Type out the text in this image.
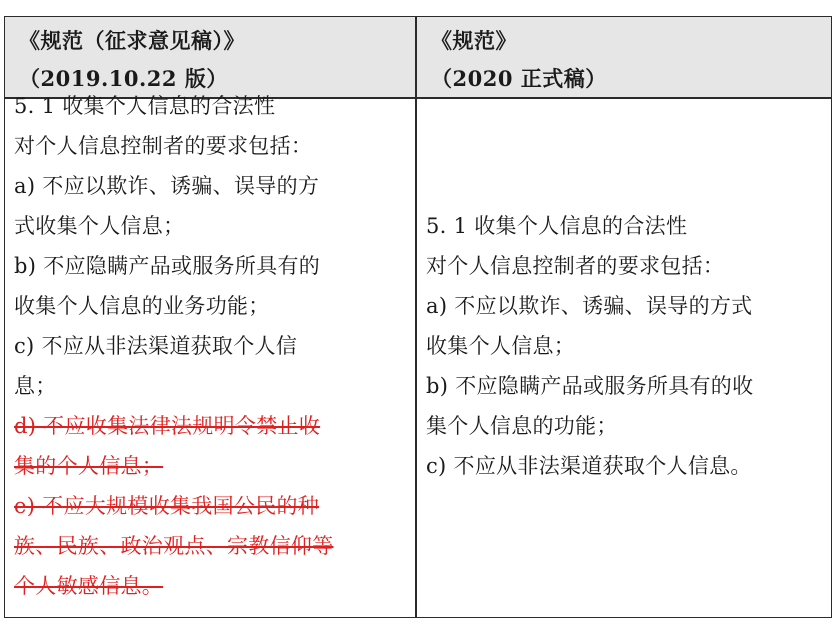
《规范（征求意见稿）》
（2019.10.22 版）
《规范》
（2020 正式稿）
5. 1 收集个人信息的合法性
对个人信息控制者的要求包括：
a) 不应以欺诈、诱骗、误导的方
式收集个人信息；
b) 不应隐瞒产品或服务所具有的
收集个人信息的业务功能；
c) 不应从非法渠道获取个人信
息；
d) 不应收集法律法规明令禁止收
集的个人信息；
e) 不应大规模收集我国公民的种
族、民族、政治观点、宗教信仰等
个人敏感信息。
5. 1 收集个人信息的合法性
对个人信息控制者的要求包括：
a) 不应以欺诈、诱骗、误导的方式
收集个人信息；
b) 不应隐瞒产品或服务所具有的收
集个人信息的功能；
c) 不应从非法渠道获取个人信息。
